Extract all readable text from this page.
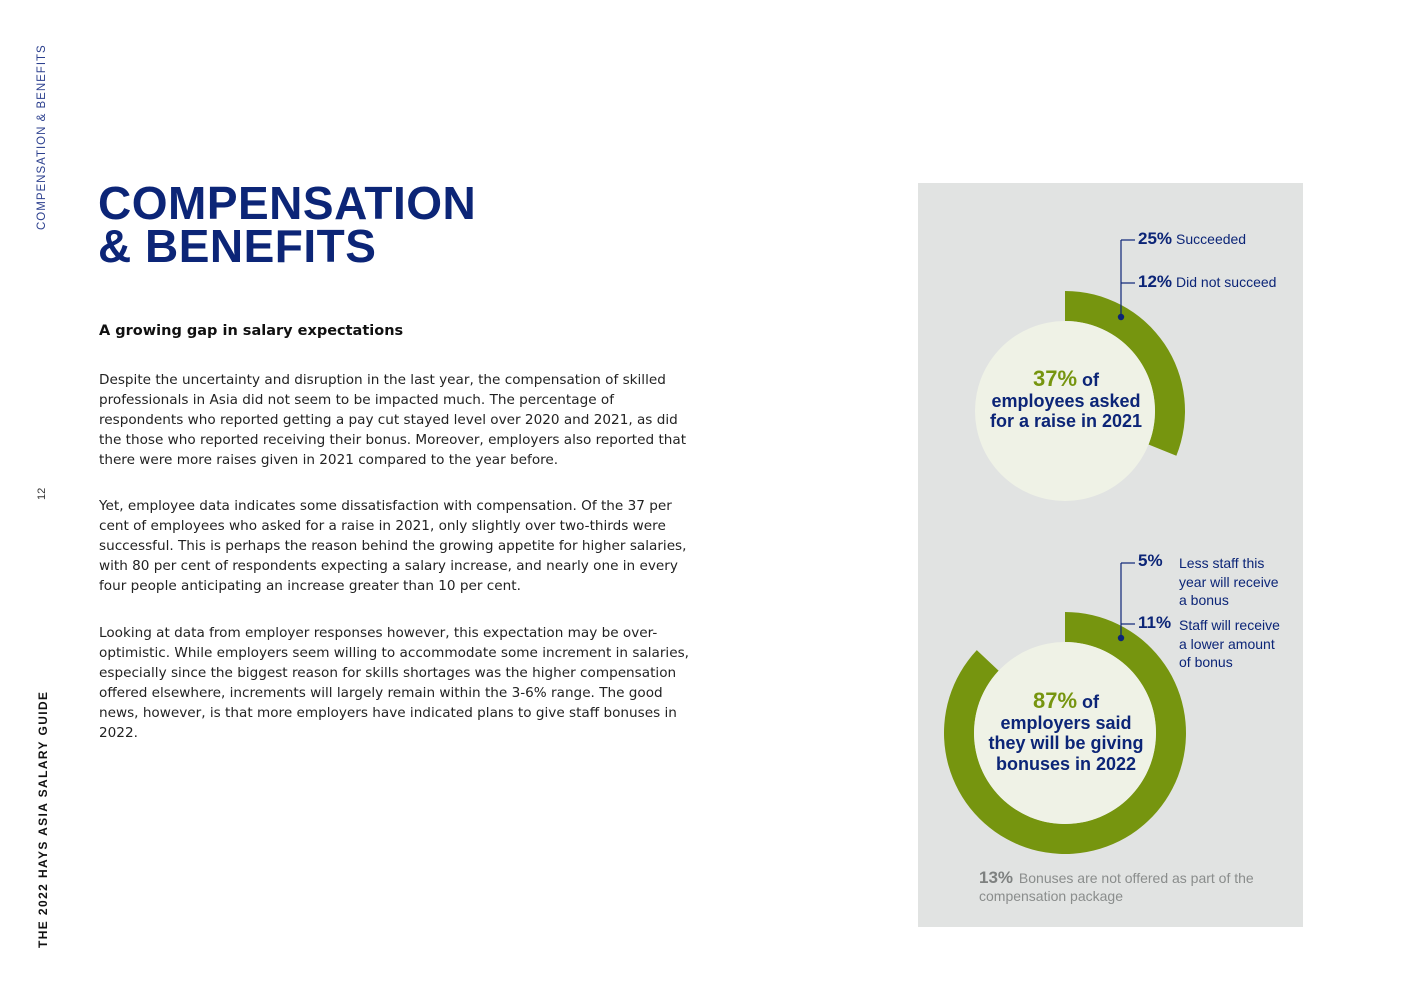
COMPENSATION & BENEFITS
12
THE 2022 HAYS ASIA SALARY GUIDE
COMPENSATION
& BENEFITS
A growing gap in salary expectations

Despite the uncertainty and disruption in the last year, the compensation of skilled professionals in Asia did not seem to be impacted much. The percentage of respondents who reported getting a pay cut stayed level over 2020 and 2021, as did the those who reported receiving their bonus. Moreover, employers also reported that there were more raises given in 2021 compared to the year before.

Yet, employee data indicates some dissatisfaction with compensation. Of the 37 per cent of employees who asked for a raise in 2021, only slightly over two-thirds were successful. This is perhaps the reason behind the growing appetite for higher salaries, with 80 per cent of respondents expecting a salary increase, and nearly one in every four people anticipating an increase greater than 10 per cent.

Looking at data from employer responses however, this expectation may be over-optimistic. While employers seem willing to accommodate some increment in salaries, especially since the biggest reason for skills shortages was the higher compensation offered elsewhere, increments will largely remain within the 3-6% range. The good news, however, is that more employers have indicated plans to give staff bonuses in 2022.

25% Succeeded
12% Did not succeed
37% of
employees asked
for a raise in 2021
5% Less staff this
year will receive
a bonus
11% Staff will receive
a lower amount
of bonus
87% of
employers said
they will be giving
bonuses in 2022
13% Bonuses are not offered as part of the compensation package
